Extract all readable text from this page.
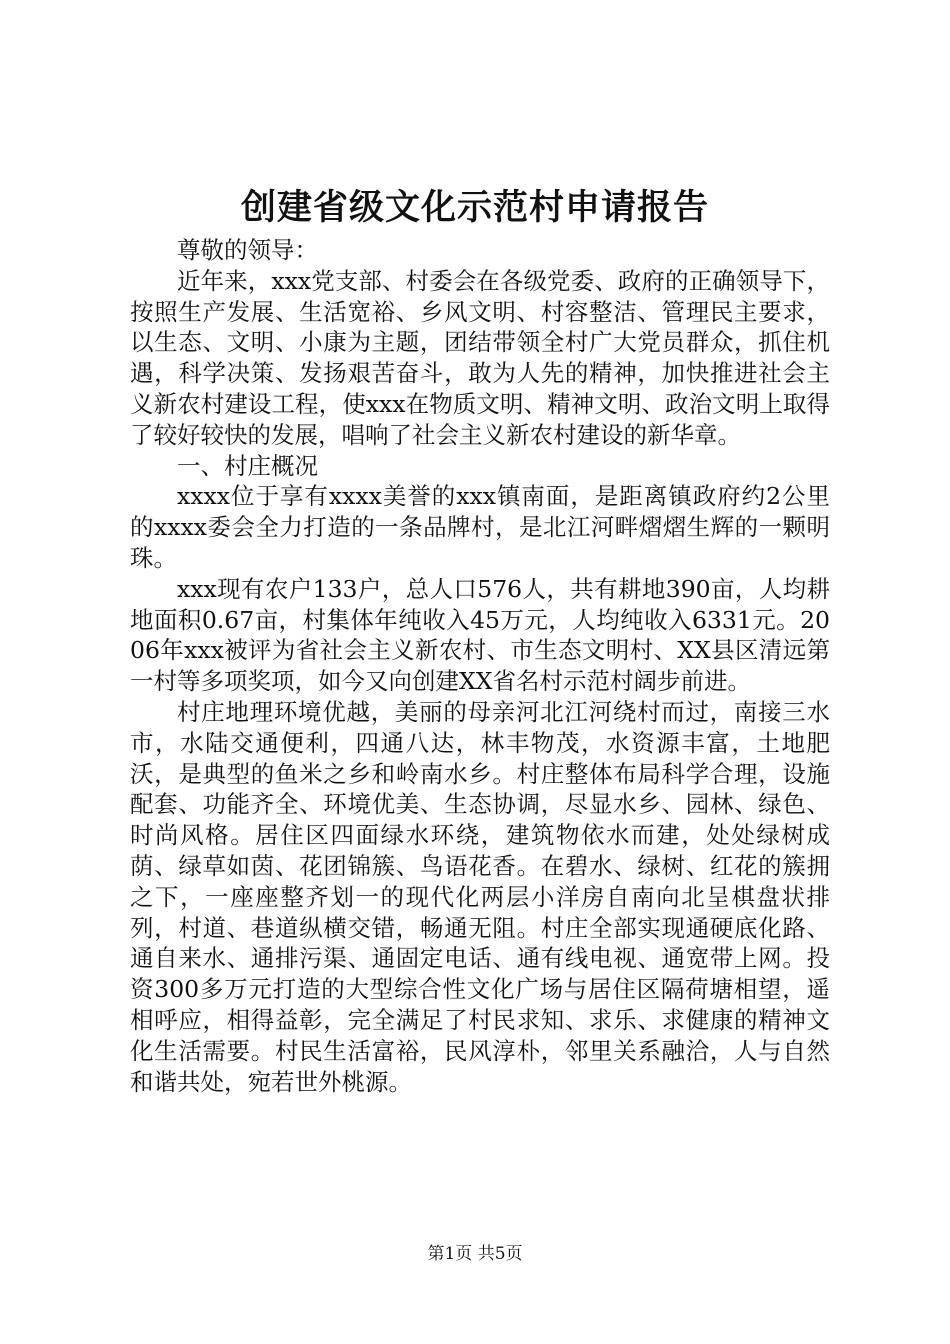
创建省级文化示范村申请报告

尊敬的领导：

近年来，xxx党支部、村委会在各级党委、政府的正确领导下，按照生产发展、生活宽裕、乡风文明、村容整洁、管理民主要求，以生态、文明、小康为主题，团结带领全村广大党员群众，抓住机遇，科学决策、发扬艰苦奋斗，敢为人先的精神，加快推进社会主义新农村建设工程，使xxx在物质文明、精神文明、政治文明上取得了较好较快的发展，唱响了社会主义新农村建设的新华章。

一、村庄概况

xxxx位于享有xxxx美誉的xxx镇南面，是距离镇政府约2公里的xxxx委会全力打造的一条品牌村，是北江河畔熠熠生辉的一颗明珠。

xxx现有农户133户，总人口576人，共有耕地390亩，人均耕地面积0.67亩，村集体年纯收入45万元，人均纯收入6331元。2006年xxx被评为省社会主义新农村、市生态文明村、XX县区清远第一村等多项奖项，如今又向创建XX省名村示范村阔步前进。

村庄地理环境优越，美丽的母亲河北江河绕村而过，南接三水市，水陆交通便利，四通八达，林丰物茂，水资源丰富，土地肥沃，是典型的鱼米之乡和岭南水乡。村庄整体布局科学合理，设施配套、功能齐全、环境优美、生态协调，尽显水乡、园林、绿色、时尚风格。居住区四面绿水环绕，建筑物依水而建，处处绿树成荫、绿草如茵、花团锦簇、鸟语花香。在碧水、绿树、红花的簇拥之下，一座座整齐划一的现代化两层小洋房自南向北呈棋盘状排列，村道、巷道纵横交错，畅通无阻。村庄全部实现通硬底化路、通自来水、通排污渠、通固定电话、通有线电视、通宽带上网。投资300多万元打造的大型综合性文化广场与居住区隔荷塘相望，遥相呼应，相得益彰，完全满足了村民求知、求乐、求健康的精神文化生活需要。村民生活富裕，民风淳朴，邻里关系融洽，人与自然和谐共处，宛若世外桃源。

第1页 共5页
